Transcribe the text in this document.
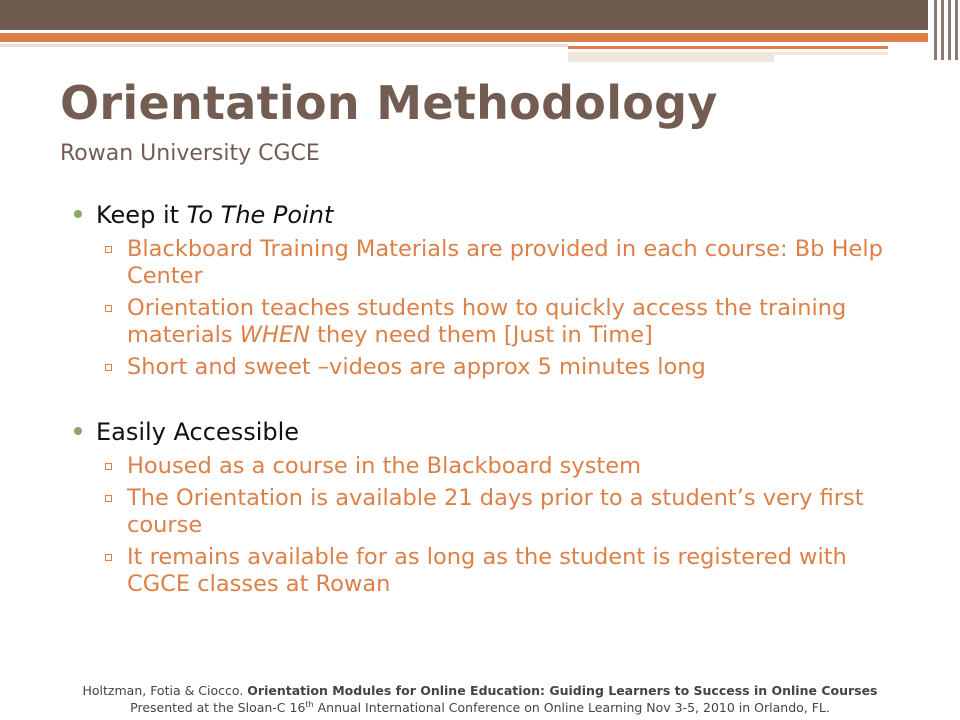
Orientation Methodology
Rowan University CGCE
Keep it To The Point
Blackboard Training Materials are provided in each course: Bb Help Center
Orientation teaches students how to quickly access the training materials WHEN they need them [Just in Time]
Short and sweet –videos are approx 5 minutes long
Easily Accessible
Housed as a course in the Blackboard system
The Orientation is available 21 days prior to a student’s very first course
It remains available for as long as the student is registered with CGCE classes at Rowan
Holtzman, Fotia & Ciocco. Orientation Modules for Online Education: Guiding Learners to Success in Online Courses
Presented at the Sloan-C 16th Annual International Conference on Online Learning Nov 3-5, 2010 in Orlando, FL.
